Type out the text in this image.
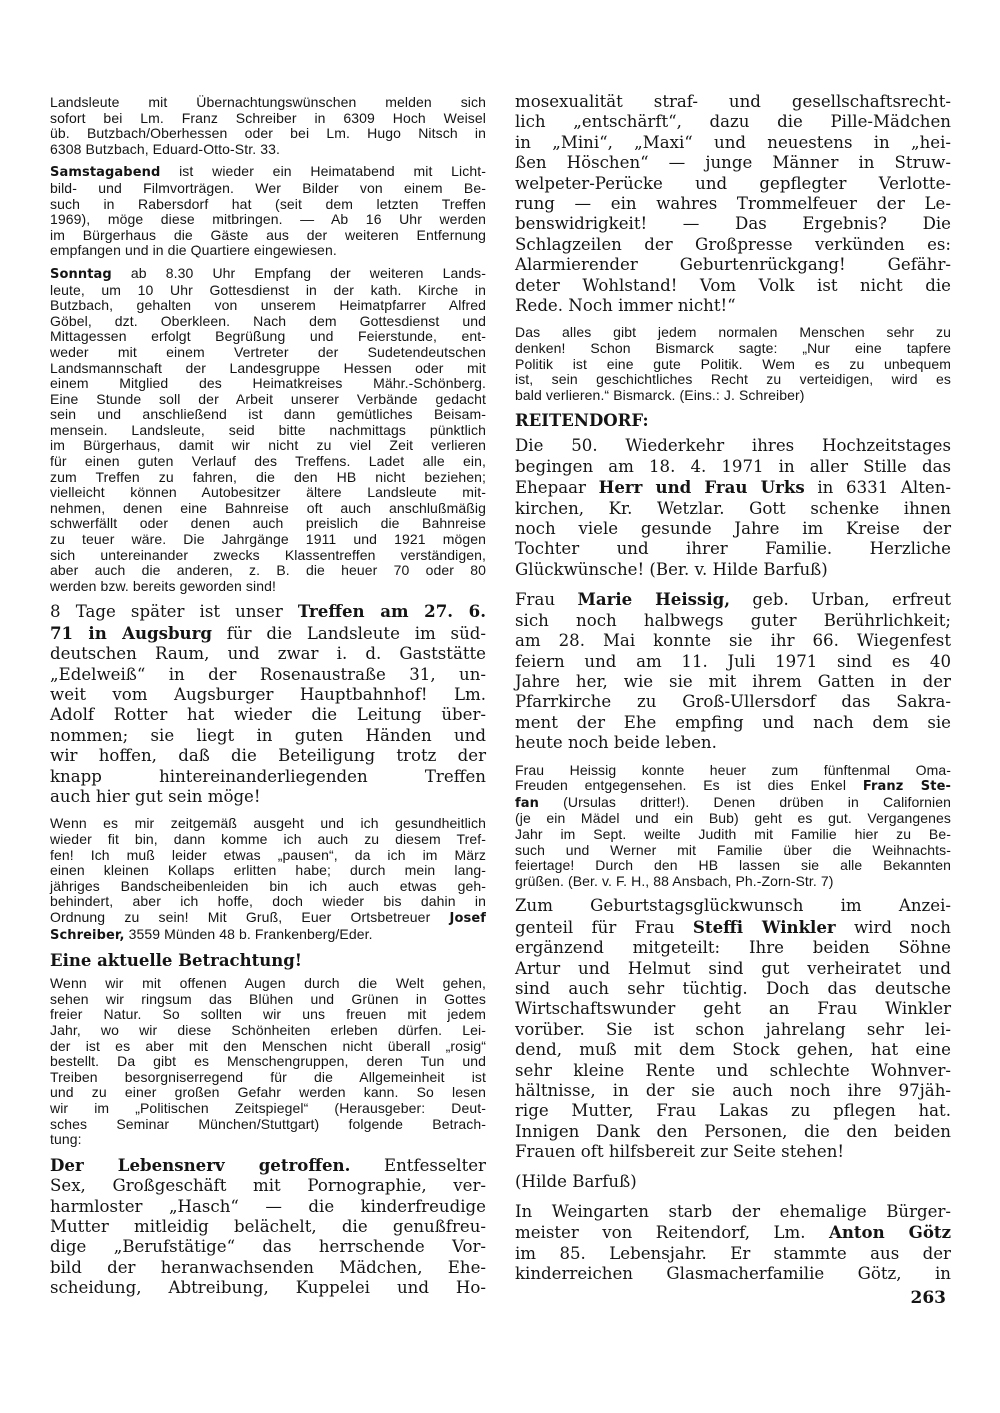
Landsleute mit Übernachtungswünschen melden sich
sofort bei Lm. Franz Schreiber in 6309 Hoch Weisel
üb. Butzbach/Oberhessen oder bei Lm. Hugo Nitsch in
6308 Butzbach, Eduard-Otto-Str. 33.
Samstagabend ist wieder ein Heimatabend mit Licht-
bild- und Filmvorträgen. Wer Bilder von einem Be-
such in Rabersdorf hat (seit dem letzten Treffen
1969), möge diese mitbringen. — Ab 16 Uhr werden
im Bürgerhaus die Gäste aus der weiteren Entfernung
empfangen und in die Quartiere eingewiesen.
Sonntag ab 8.30 Uhr Empfang der weiteren Lands-
leute, um 10 Uhr Gottesdienst in der kath. Kirche in
Butzbach, gehalten von unserem Heimatpfarrer Alfred
Göbel, dzt. Oberkleen. Nach dem Gottesdienst und
Mittagessen erfolgt Begrüßung und Feierstunde, ent-
weder mit einem Vertreter der Sudetendeutschen
Landsmannschaft der Landesgruppe Hessen oder mit
einem Mitglied des Heimatkreises Mähr.-Schönberg.
Eine Stunde soll der Arbeit unserer Verbände gedacht
sein und anschließend ist dann gemütliches Beisam-
mensein. Landsleute, seid bitte nachmittags pünktlich
im Bürgerhaus, damit wir nicht zu viel Zeit verlieren
für einen guten Verlauf des Treffens. Ladet alle ein,
zum Treffen zu fahren, die den HB nicht beziehen;
vielleicht können Autobesitzer ältere Landsleute mit-
nehmen, denen eine Bahnreise oft auch anschlußmäßig
schwerfällt oder denen auch preislich die Bahnreise
zu teuer wäre. Die Jahrgänge 1911 und 1921 mögen
sich untereinander zwecks Klassentreffen verständigen,
aber auch die anderen, z. B. die heuer 70 oder 80
werden bzw. bereits geworden sind!
8 Tage später ist unser Treffen am 27. 6.
71 in Augsburg für die Landsleute im süd-
deutschen Raum, und zwar i. d. Gaststätte
„Edelweiß“ in der Rosenaustraße 31, un-
weit vom Augsburger Hauptbahnhof! Lm.
Adolf Rotter hat wieder die Leitung über-
nommen; sie liegt in guten Händen und
wir hoffen, daß die Beteiligung trotz der
knapp hintereinanderliegenden Treffen
auch hier gut sein möge!
Wenn es mir zeitgemäß ausgeht und ich gesundheitlich
wieder fit bin, dann komme ich auch zu diesem Tref-
fen! Ich muß leider etwas „pausen“, da ich im März
einen kleinen Kollaps erlitten habe; durch mein lang-
jähriges Bandscheibenleiden bin ich auch etwas geh-
behindert, aber ich hoffe, doch wieder bis dahin in
Ordnung zu sein! Mit Gruß, Euer Ortsbetreuer Josef
Schreiber, 3559 Münden 48 b. Frankenberg/Eder.
Eine aktuelle Betrachtung!
Wenn wir mit offenen Augen durch die Welt gehen,
sehen wir ringsum das Blühen und Grünen in Gottes
freier Natur. So sollten wir uns freuen mit jedem
Jahr, wo wir diese Schönheiten erleben dürfen. Lei-
der ist es aber mit den Menschen nicht überall „rosig“
bestellt. Da gibt es Menschengruppen, deren Tun und
Treiben besorgniserregend für die Allgemeinheit ist
und zu einer großen Gefahr werden kann. So lesen
wir im „Politischen Zeitspiegel“ (Herausgeber: Deut-
sches Seminar München/Stuttgart) folgende Betrach-
tung:
Der Lebensnerv getroffen. Entfesselter
Sex, Großgeschäft mit Pornographie, ver-
harmloster „Hasch“ — die kinderfreudige
Mutter mitleidig belächelt, die genußfreu-
dige „Berufstätige“ das herrschende Vor-
bild der heranwachsenden Mädchen, Ehe-
scheidung, Abtreibung, Kuppelei und Ho-
mosexualität straf- und gesellschaftsrecht-
lich „entschärft“, dazu die Pille-Mädchen
in „Mini“, „Maxi“ und neuestens in „hei-
ßen Höschen“ — junge Männer in Struw-
welpeter-Perücke und gepflegter Verlotte-
rung — ein wahres Trommelfeuer der Le-
benswidrigkeit! — Das Ergebnis? Die
Schlagzeilen der Großpresse verkünden es:
Alarmierender Geburtenrückgang! Gefähr-
deter Wohlstand! Vom Volk ist nicht die
Rede. Noch immer nicht!“
Das alles gibt jedem normalen Menschen sehr zu
denken! Schon Bismarck sagte: „Nur eine tapfere
Politik ist eine gute Politik. Wem es zu unbequem
ist, sein geschichtliches Recht zu verteidigen, wird es
bald verlieren.“ Bismarck. (Eins.: J. Schreiber)
REITENDORF:
Die 50. Wiederkehr ihres Hochzeitstages
begingen am 18. 4. 1971 in aller Stille das
Ehepaar Herr und Frau Urks in 6331 Alten-
kirchen, Kr. Wetzlar. Gott schenke ihnen
noch viele gesunde Jahre im Kreise der
Tochter und ihrer Familie. Herzliche
Glückwünsche! (Ber. v. Hilde Barfuß)
Frau Marie Heissig, geb. Urban, erfreut
sich noch halbwegs guter Berührlichkeit;
am 28. Mai konnte sie ihr 66. Wiegenfest
feiern und am 11. Juli 1971 sind es 40
Jahre her, wie sie mit ihrem Gatten in der
Pfarrkirche zu Groß-Ullersdorf das Sakra-
ment der Ehe empfing und nach dem sie
heute noch beide leben.
Frau Heissig konnte heuer zum fünftenmal Oma-
Freuden entgegensehen. Es ist dies Enkel Franz Ste-
fan (Ursulas dritter!). Denen drüben in Californien
(je ein Mädel und ein Bub) geht es gut. Vergangenes
Jahr im Sept. weilte Judith mit Familie hier zu Be-
such und Werner mit Familie über die Weihnachts-
feiertage! Durch den HB lassen sie alle Bekannten
grüßen. (Ber. v. F. H., 88 Ansbach, Ph.-Zorn-Str. 7)
Zum Geburtstagsglückwunsch im Anzei-
genteil für Frau Steffi Winkler wird noch
ergänzend mitgeteilt: Ihre beiden Söhne
Artur und Helmut sind gut verheiratet und
sind auch sehr tüchtig. Doch das deutsche
Wirtschaftswunder geht an Frau Winkler
vorüber. Sie ist schon jahrelang sehr lei-
dend, muß mit dem Stock gehen, hat eine
sehr kleine Rente und schlechte Wohnver-
hältnisse, in der sie auch noch ihre 97jäh-
rige Mutter, Frau Lakas zu pflegen hat.
Innigen Dank den Personen, die den beiden
Frauen oft hilfsbereit zur Seite stehen!
(Hilde Barfuß)
In Weingarten starb der ehemalige Bürger-
meister von Reitendorf, Lm. Anton Götz
im 85. Lebensjahr. Er stammte aus der
kinderreichen Glasmacherfamilie Götz, in
263
